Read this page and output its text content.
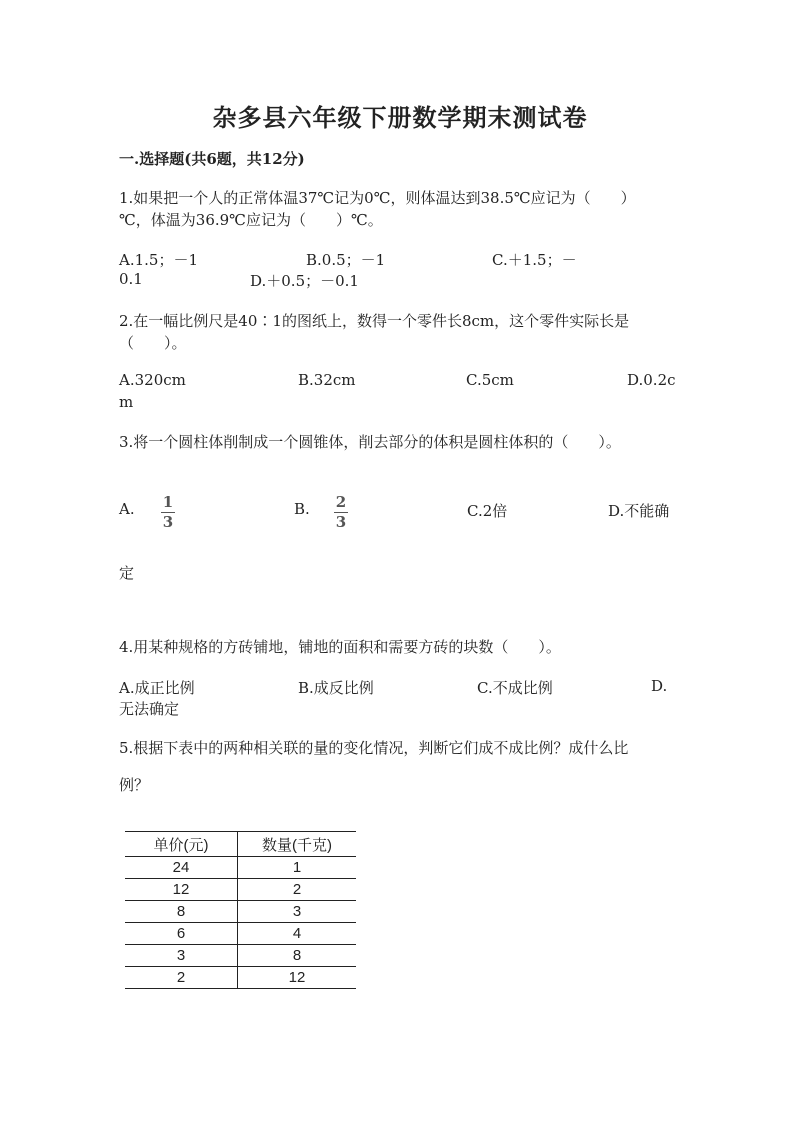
杂多县六年级下册数学期末测试卷
一.选择题(共6题，共12分)
1.如果把一个人的正常体温37℃记为0℃，则体温达到38.5℃应记为（　　）
℃，体温为36.9℃应记为（　　）℃。
A.1.5；－1	B.0.5；－1	C.＋1.5；－
0.1	D.＋0.5；－0.1
2.在一幅比例尺是40∶1的图纸上，数得一个零件长8cm，这个零件实际长是
（　　）。
A.320cm	B.32cm	C.5cm	D.0.2c
m
3.将一个圆柱体削制成一个圆锥体，削去部分的体积是圆柱体积的（　　）。
A. 1
3
B. 2
3
C.2倍	D.不能确
定
4.用某种规格的方砖铺地，铺地的面积和需要方砖的块数（　　）。
A.成正比例	B.成反比例	C.不成比例	D.
无法确定
5.根据下表中的两种相关联的量的变化情况，判断它们成不成比例？成什么比
例？
单价(元)	数量(千克)
24	1
12	2
8	3
6	4
3	8
2	12
